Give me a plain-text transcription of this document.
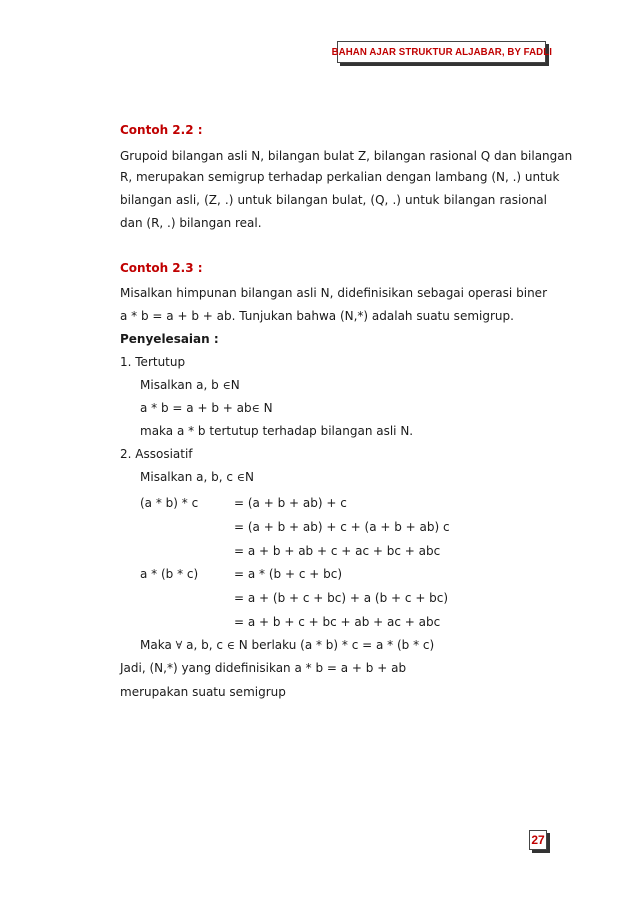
BAHAN AJAR STRUKTUR ALJABAR, BY FADLI
Contoh 2.2 :
Grupoid bilangan asli N, bilangan bulat Z, bilangan rasional Q dan bilangan
R, merupakan semigrup terhadap perkalian dengan lambang (N, .) untuk
bilangan asli, (Z, .) untuk bilangan bulat, (Q, .) untuk bilangan rasional
dan (R, .) bilangan real.
Contoh 2.3 :
Misalkan himpunan bilangan asli N, didefinisikan sebagai operasi biner
a * b = a + b + ab. Tunjukan bahwa (N,*) adalah suatu semigrup.
Penyelesaian :
1. Tertutup
Misalkan a, b ∈N
a * b = a + b + ab∈ N
maka a * b tertutup terhadap bilangan asli N.
2. Assosiatif
Misalkan a, b, c ∈N
(a * b) * c	= (a + b + ab) + c
= (a + b + ab) + c + (a + b + ab) c
= a + b + ab + c + ac + bc + abc
a * (b * c)	= a * (b + c + bc)
= a + (b + c + bc) + a (b + c + bc)
= a + b + c + bc + ab + ac + abc
Maka ∀ a, b, c ∈ N berlaku (a * b) * c = a * (b * c)
Jadi, (N,*) yang didefinisikan a * b = a + b + ab
merupakan suatu semigrup
27
